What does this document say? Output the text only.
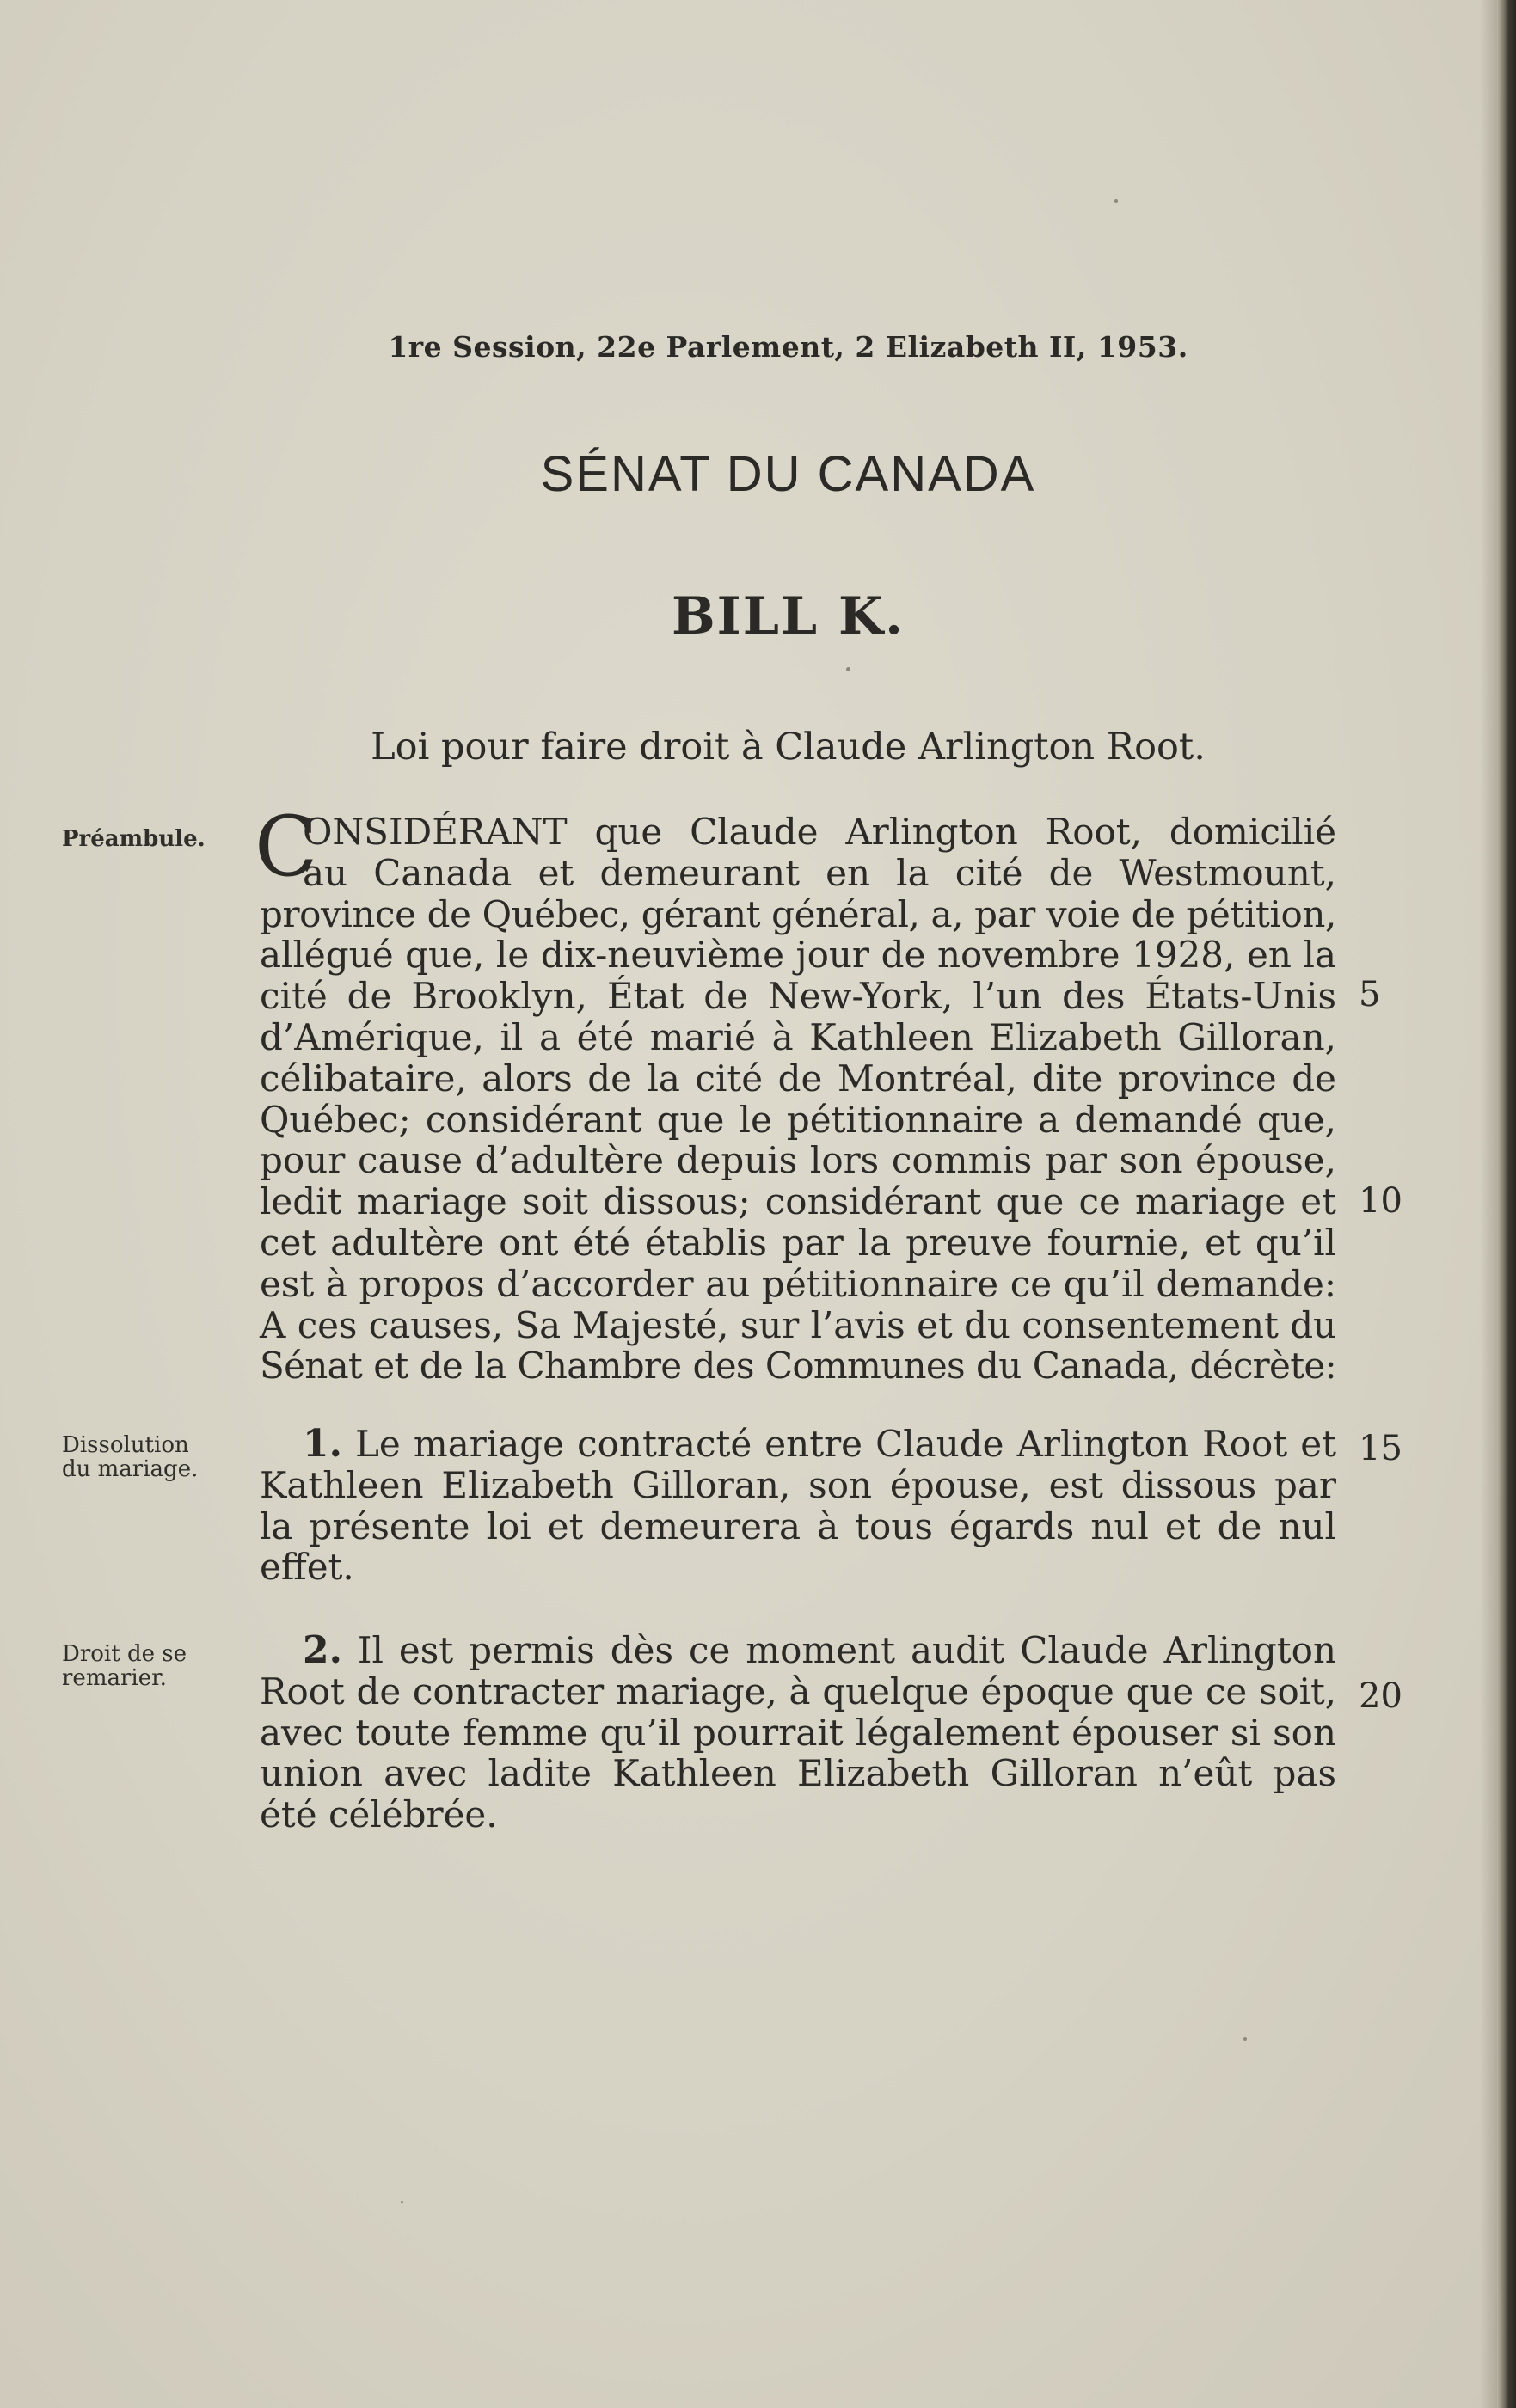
1re Session, 22e Parlement, 2 Elizabeth II, 1953.
SÉNAT DU CANADA
BILL K.
Loi pour faire droit à Claude Arlington Root.
Préambule.
Dissolution
du mariage.
Droit de se
remarier.
C
ONSIDÉRANT que Claude Arlington Root, domicilié
au Canada et demeurant en la cité de Westmount,
province de Québec, gérant général, a, par voie de pétition,
allégué que, le dix-neuvième jour de novembre 1928, en la
cité de Brooklyn, État de New-York, l’un des États-Unis
d’Amérique, il a été marié à Kathleen Elizabeth Gilloran,
célibataire, alors de la cité de Montréal, dite province de
Québec; considérant que le pétitionnaire a demandé que,
pour cause d’adultère depuis lors commis par son épouse,
ledit mariage soit dissous; considérant que ce mariage et
cet adultère ont été établis par la preuve fournie, et qu’il
est à propos d’accorder au pétitionnaire ce qu’il demande:
A ces causes, Sa Majesté, sur l’avis et du consentement du
Sénat et de la Chambre des Communes du Canada, décrète:
1. Le mariage contracté entre Claude Arlington Root et
Kathleen Elizabeth Gilloran, son épouse, est dissous par
la présente loi et demeurera à tous égards nul et de nul
effet.
2. Il est permis dès ce moment audit Claude Arlington
Root de contracter mariage, à quelque époque que ce soit,
avec toute femme qu’il pourrait légalement épouser si son
union avec ladite Kathleen Elizabeth Gilloran n’eût pas
été célébrée.
5
10
15
20
